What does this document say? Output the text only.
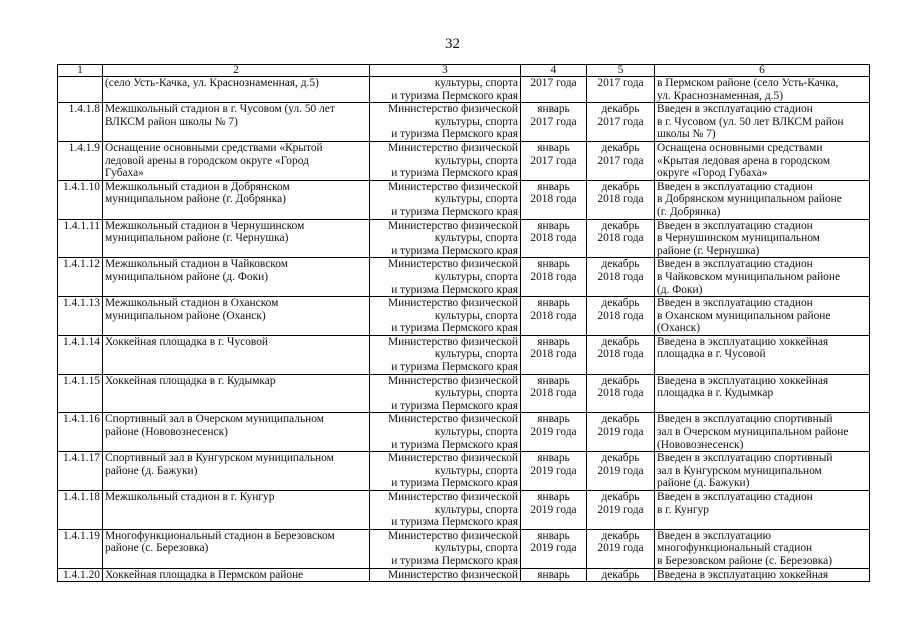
32
1	2	3	4	5	6

	(село Усть-Качка, ул. Краснознаменная, д.5)	культуры, спорта
и туризма Пермского края	2017 года	2017 года	в Пермском районе (село Усть-Качка,
ул. Краснознаменная, д.5)

1.4.1.8	Межшкольный стадион в г. Чусовом (ул. 50 лет
ВЛКСМ район школы № 7)	Министерство физической
культуры, спорта
и туризма Пермского края	январь
2017 года	декабрь
2017 года	Введен в эксплуатацию стадион
в г. Чусовом (ул. 50 лет ВЛКСМ район
школы № 7)

1.4.1.9	Оснащение основными средствами «Крытой
ледовой арены в городском округе «Город
Губаха»	Министерство физической
культуры, спорта
и туризма Пермского края	январь
2017 года	декабрь
2017 года	Оснащена основными средствами
«Крытая ледовая арена в городском
округе «Город Губаха»

1.4.1.10	Межшкольный стадион в Добрянском
муниципальном районе (г. Добрянка)	Министерство физической
культуры, спорта
и туризма Пермского края	январь
2018 года	декабрь
2018 года	Введен в эксплуатацию стадион
в Добрянском муниципальном районе
(г. Добрянка)

1.4.1.11	Межшкольный стадион в Чернушинском
муниципальном районе (г. Чернушка)	Министерство физической
культуры, спорта
и туризма Пермского края	январь
2018 года	декабрь
2018 года	Введен в эксплуатацию стадион
в Чернушинском муниципальном
районе (г. Чернушка)

1.4.1.12	Межшкольный стадион в Чайковском
муниципальном районе (д. Фоки)	Министерство физической
культуры, спорта
и туризма Пермского края	январь
2018 года	декабрь
2018 года	Введен в эксплуатацию стадион
в Чайковском муниципальном районе
(д. Фоки)

1.4.1.13	Межшкольный стадион в Оханском
муниципальном районе (Оханск)	Министерство физической
культуры, спорта
и туризма Пермского края	январь
2018 года	декабрь
2018 года	Введен в эксплуатацию стадион
в Оханском муниципальном районе
(Оханск)

1.4.1.14	Хоккейная площадка в г. Чусовой	Министерство физической
культуры, спорта
и туризма Пермского края	январь
2018 года	декабрь
2018 года	Введена в эксплуатацию хоккейная
площадка в г. Чусовой

1.4.1.15	Хоккейная площадка в г. Кудымкар	Министерство физической
культуры, спорта
и туризма Пермского края	январь
2018 года	декабрь
2018 года	Введена в эксплуатацию хоккейная
площадка в г. Кудымкар

1.4.1.16	Спортивный зал в Очерском муниципальном
районе (Нововознесенск)	Министерство физической
культуры, спорта
и туризма Пермского края	январь
2019 года	декабрь
2019 года	Введен в эксплуатацию спортивный
зал в Очерском муниципальном районе
(Нововознесенск)

1.4.1.17	Спортивный зал в Кунгурском муниципальном
районе (д. Бажуки)	Министерство физической
культуры, спорта
и туризма Пермского края	январь
2019 года	декабрь
2019 года	Введен в эксплуатацию спортивный
зал в Кунгурском муниципальном
районе (д. Бажуки)

1.4.1.18	Межшкольный стадион в г. Кунгур	Министерство физической
культуры, спорта
и туризма Пермского края	январь
2019 года	декабрь
2019 года	Введен в эксплуатацию стадион
в г. Кунгур

1.4.1.19	Многофункциональный стадион в Березовском
районе (с. Березовка)	Министерство физической
культуры, спорта
и туризма Пермского края	январь
2019 года	декабрь
2019 года	Введен в эксплуатацию
многофункциональный стадион
в Березовском районе (с. Березовка)

1.4.1.20	Хоккейная площадка в Пермском районе	Министерство физической	январь	декабрь	Введена в эксплуатацию хоккейная
